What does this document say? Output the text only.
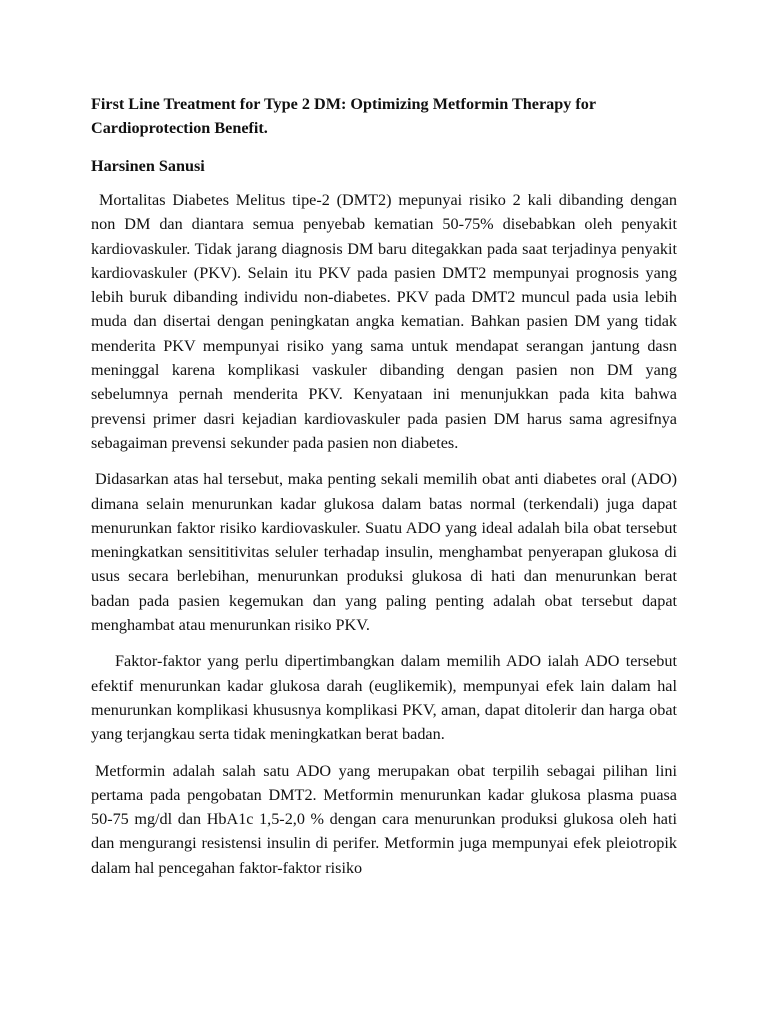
First Line Treatment for Type 2 DM: Optimizing Metformin Therapy for Cardioprotection Benefit.
Harsinen Sanusi

Mortalitas Diabetes Melitus tipe-2 (DMT2) mepunyai risiko 2 kali dibanding dengan non DM dan diantara semua penyebab kematian 50-75% disebabkan oleh penyakit kardiovaskuler. Tidak jarang diagnosis DM baru ditegakkan pada saat terjadinya penyakit kardiovaskuler (PKV). Selain itu PKV pada pasien DMT2 mempunyai prognosis yang lebih buruk dibanding individu non-diabetes. PKV pada DMT2 muncul pada usia lebih muda dan disertai dengan peningkatan angka kematian. Bahkan pasien DM yang tidak menderita PKV mempunyai risiko yang sama untuk mendapat serangan jantung dasn meninggal karena komplikasi vaskuler dibanding dengan pasien non DM yang sebelumnya pernah menderita PKV. Kenyataan ini menunjukkan pada kita bahwa prevensi primer dasri kejadian kardiovaskuler pada pasien DM harus sama agresifnya sebagaiman prevensi sekunder pada pasien non diabetes.

Didasarkan atas hal tersebut, maka penting sekali memilih obat anti diabetes oral (ADO) dimana selain menurunkan kadar glukosa dalam batas normal (terkendali) juga dapat menurunkan faktor risiko kardiovaskuler. Suatu ADO yang ideal adalah bila obat tersebut meningkatkan sensititivitas seluler terhadap insulin, menghambat penyerapan glukosa di usus secara berlebihan, menurunkan produksi glukosa di hati dan menurunkan berat badan pada pasien kegemukan dan yang paling penting adalah obat tersebut dapat menghambat atau menurunkan risiko PKV.

Faktor-faktor yang perlu dipertimbangkan dalam memilih ADO ialah ADO tersebut efektif menurunkan kadar glukosa darah (euglikemik), mempunyai efek lain dalam hal menurunkan komplikasi khususnya komplikasi PKV, aman, dapat ditolerir dan harga obat yang terjangkau serta tidak meningkatkan berat badan.

Metformin adalah salah satu ADO yang merupakan obat terpilih sebagai pilihan lini pertama pada pengobatan DMT2. Metformin menurunkan kadar glukosa plasma puasa 50-75 mg/dl dan HbA1c 1,5-2,0 % dengan cara menurunkan produksi glukosa oleh hati dan mengurangi resistensi insulin di perifer. Metformin juga mempunyai efek pleiotropik dalam hal pencegahan faktor-faktor risiko
